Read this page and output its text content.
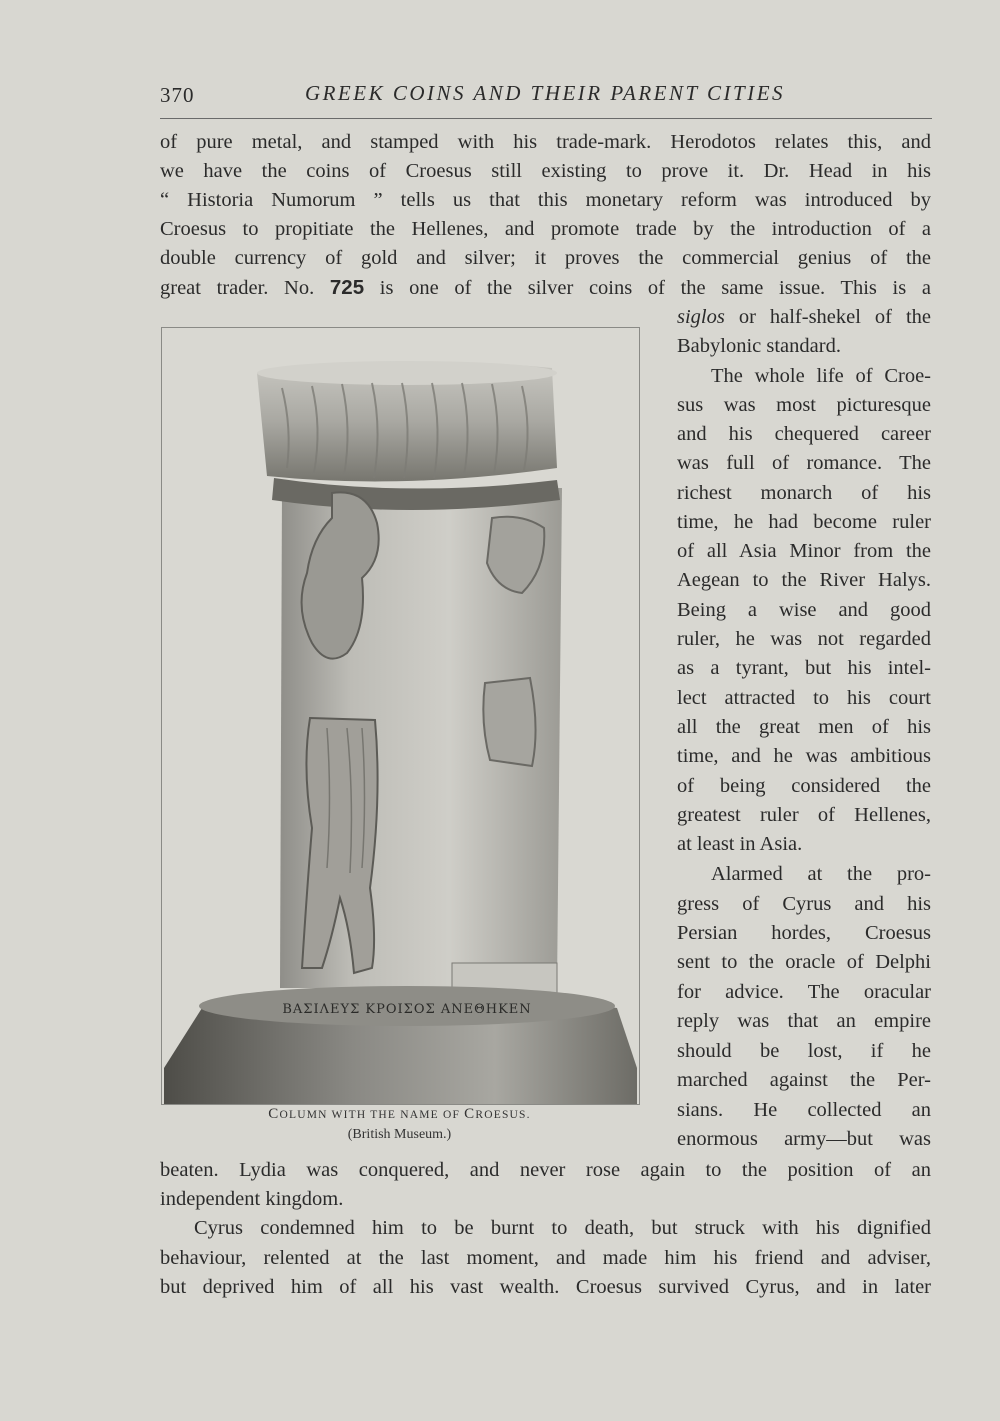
370	GREEK COINS AND THEIR PARENT CITIES
of pure metal, and stamped with his trade-mark. Herodotos relates this, and
we have the coins of Croesus still existing to prove it. Dr. Head in his
“ Historia Numorum ” tells us that this monetary reform was introduced by
Croesus to propitiate the Hellenes, and promote trade by the introduction of a
double currency of gold and silver; it proves the commercial genius of the
great trader. No. 725 is one of the silver coins of the same issue. This is a
siglos or half-shekel of the
Babylonic standard.
The whole life of Croe-
sus was most picturesque
and his chequered career
was full of romance. The
richest monarch of his
time, he had become ruler
of all Asia Minor from the
Aegean to the River Halys.
Being a wise and good
ruler, he was not regarded
as a tyrant, but his intel-
lect attracted to his court
all the great men of his
time, and he was ambitious
of being considered the
greatest ruler of Hellenes,
at least in Asia.
Alarmed at the pro-
gress of Cyrus and his
Persian hordes, Croesus
sent to the oracle of Delphi
for advice. The oracular
reply was that an empire
should be lost, if he
marched against the Per-
sians. He collected an
enormous army—but was
beaten. Lydia was conquered, and never rose again to the position of an
independent kingdom.
Cyrus condemned him to be burnt to death, but struck with his dignified
behaviour, relented at the last moment, and made him his friend and adviser,
but deprived him of all his vast wealth. Croesus survived Cyrus, and in later
ΒΑΣΙΛΕΥΣ ΚΡΟΙΣΟΣ ΑΝΕΘΗΚΕΝ
COLUMN WITH THE NAME OF CROESUS.
(British Museum.)
